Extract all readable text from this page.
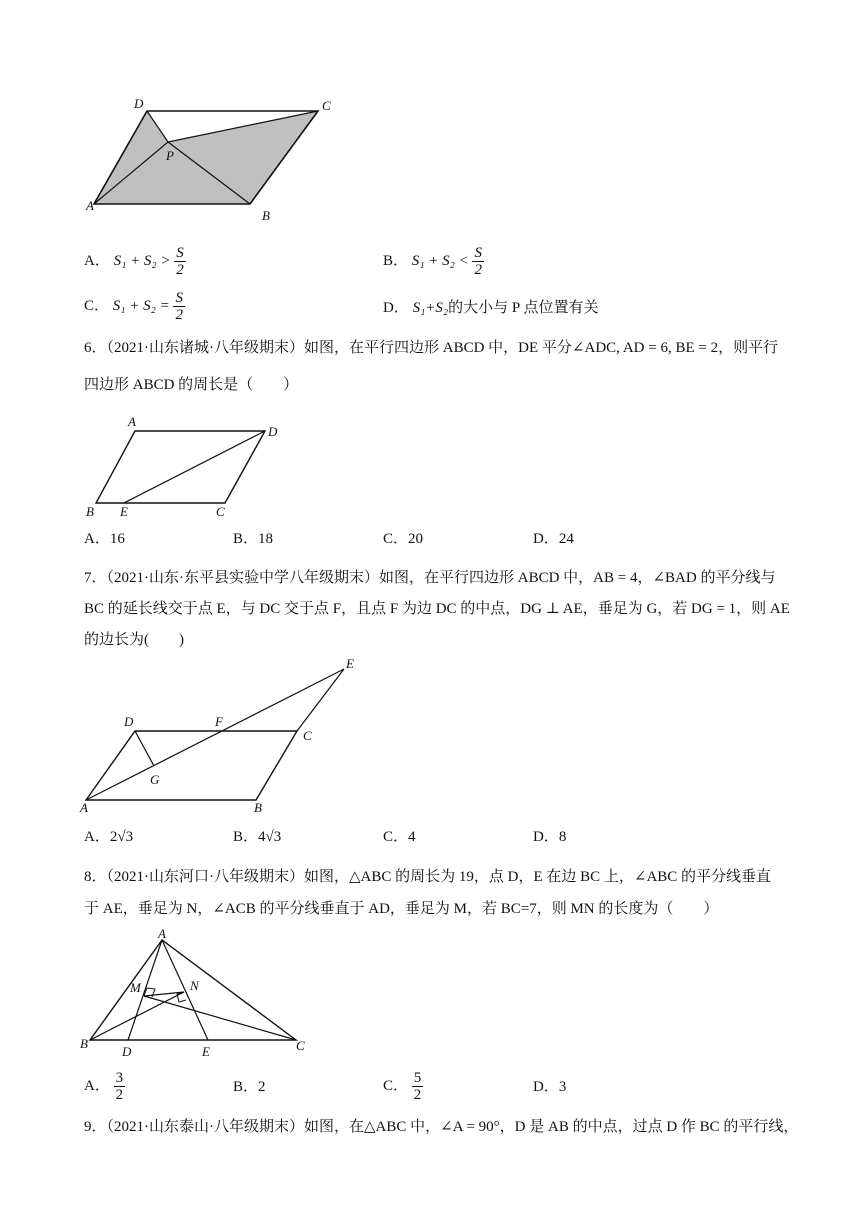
D	C
P
A
B
A． $S_1 + S_2 > \frac{S}{2}$	B． $S_1 + S_2 < \frac{S}{2}$
C． $S_1 + S_2 = \frac{S}{2}$	D． S₁+S₂的大小与 P 点位置有关
6．（2021·山东诸城·八年级期末）如图，在平行四边形 ABCD 中，DE 平分∠ADC, AD = 6, BE = 2，则平行
四边形 ABCD 的周长是（　　）
A
D
B E	C
A．16	B．18	C．20	D．24
7．（2021·山东·东平县实验中学八年级期末）如图，在平行四边形 ABCD 中，AB = 4，∠BAD 的平分线与
BC 的延长线交于点 E，与 DC 交于点 F，且点 F 为边 DC 的中点，DG ⊥ AE，垂足为 G，若 DG = 1，则 AE
的边长为(　　)
E
D	F
C
G
A	B
A．2√3	B．4√3	C．4	D．8
8．（2021·山东河口·八年级期末）如图，△ABC 的周长为 19，点 D，E 在边 BC 上，∠ABC 的平分线垂直
于 AE，垂足为 N，∠ACB 的平分线垂直于 AD，垂足为 M，若 BC=7，则 MN 的长度为（　　）
A
M	N
B
D	E	C
A． $\frac{3}{2}$	B．2	C． $\frac{5}{2}$	D．3
9．（2021·山东泰山·八年级期末）如图，在△ABC 中，∠A = 90°，D 是 AB 的中点，过点 D 作 BC 的平行线，
